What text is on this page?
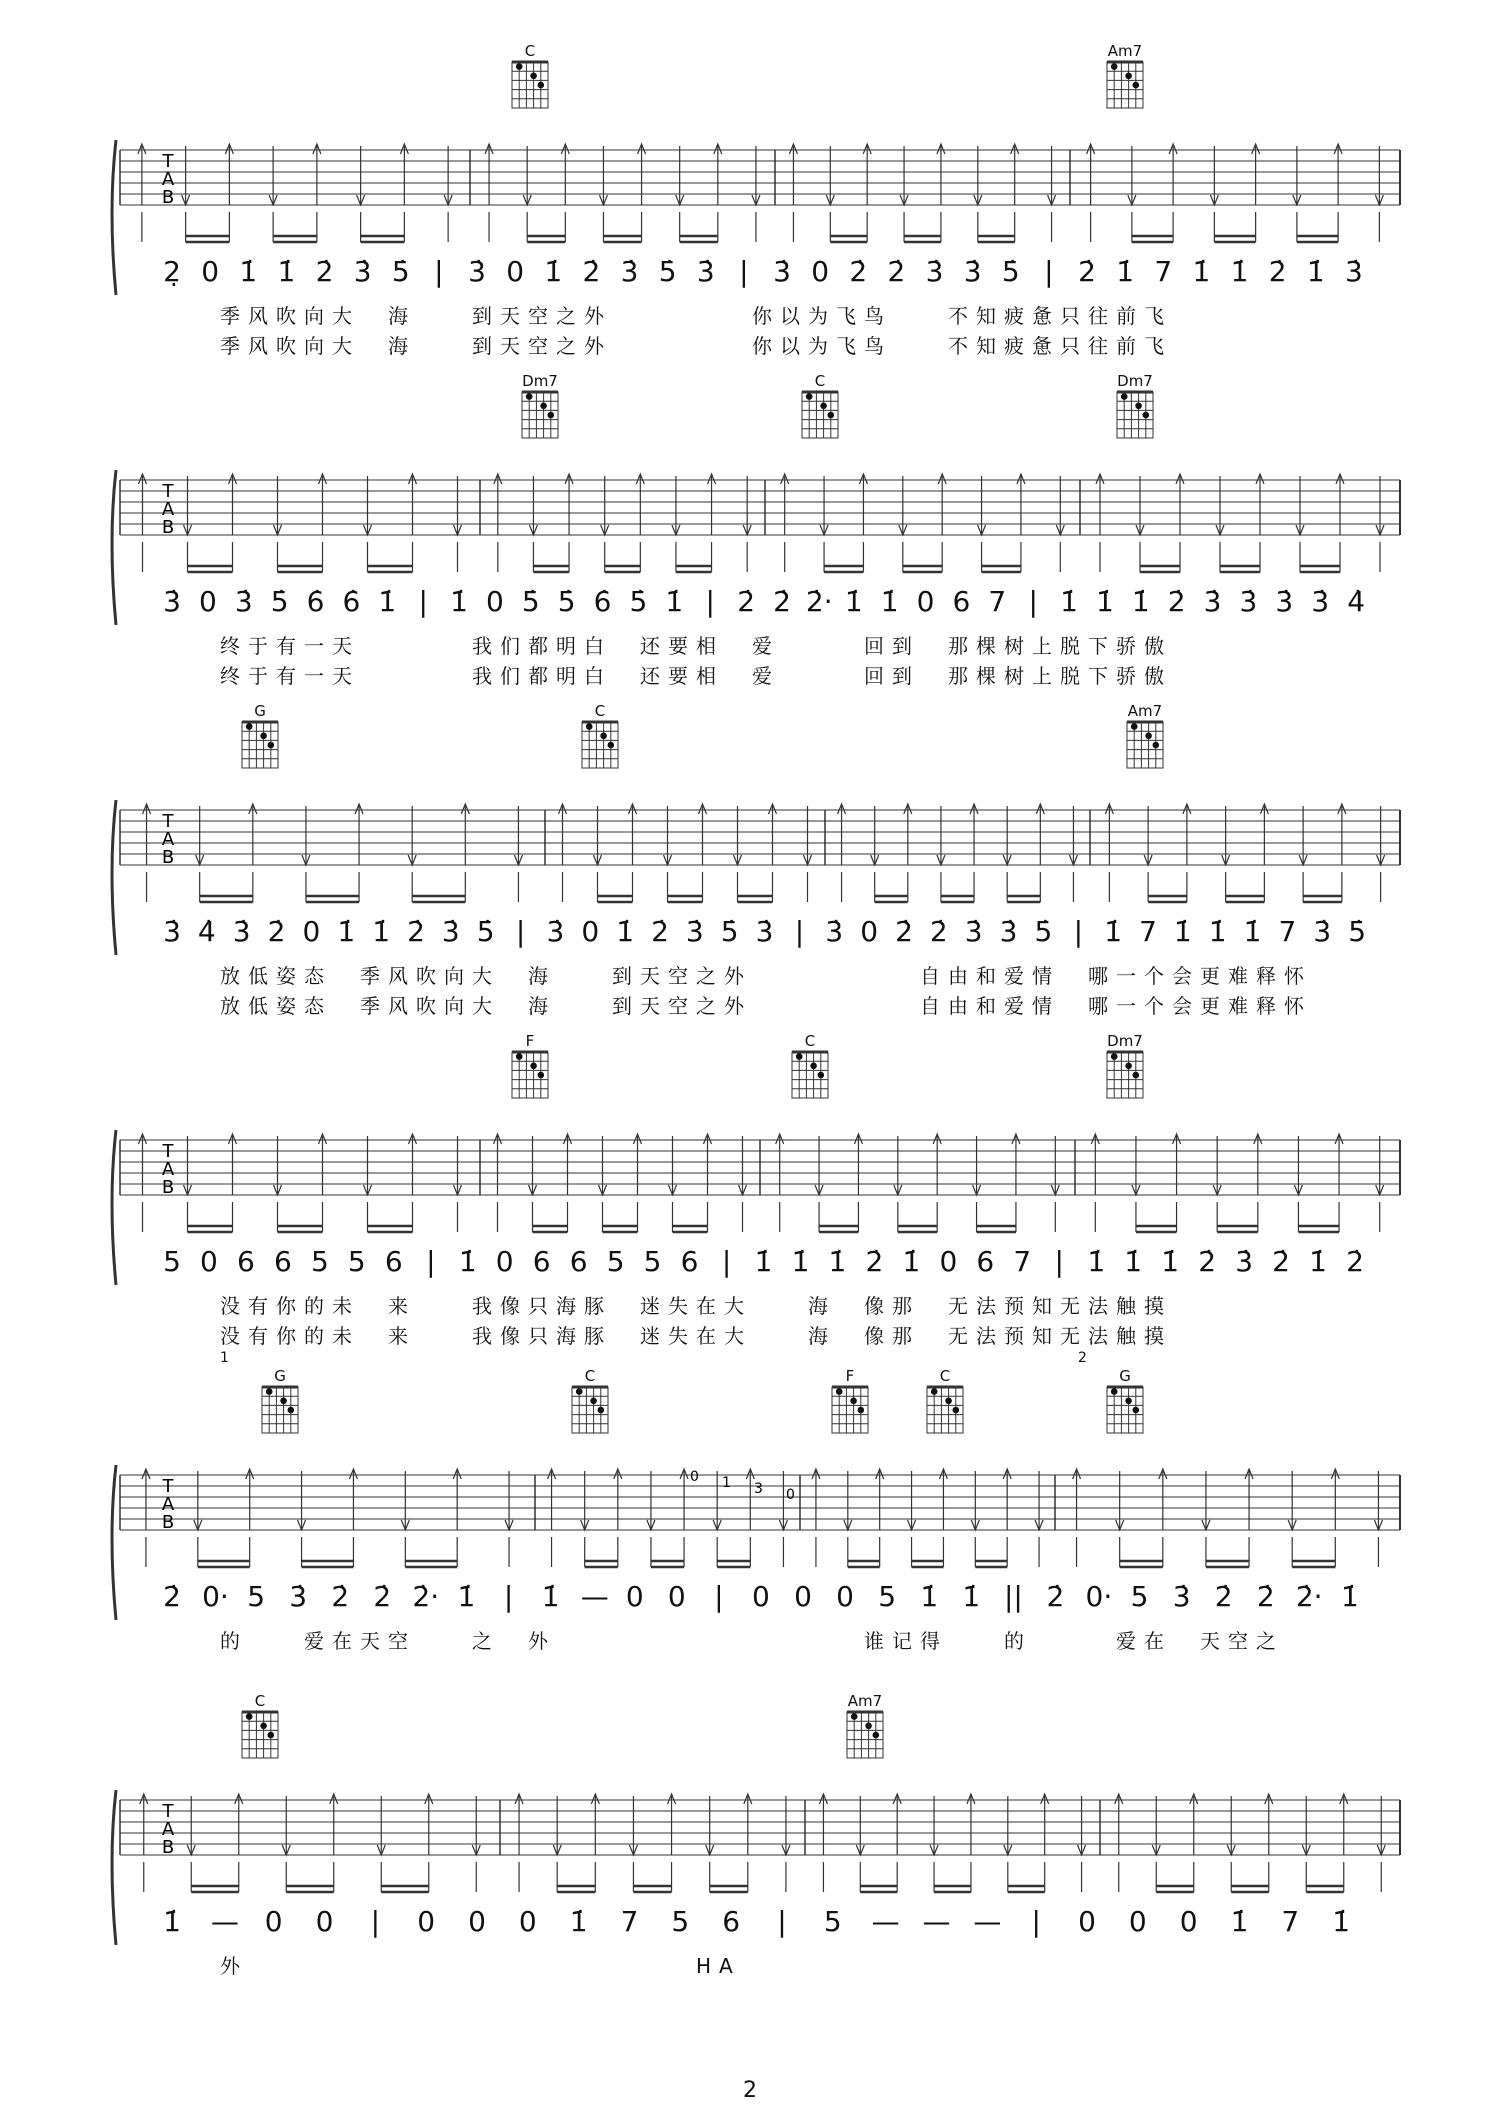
T
A
B
T
A
B
T
A
B
T
A
B
T
A
B
0 1 3 0
T
A
B
C	Am7
2̣ 0 1̇ 1̇ 2̇ 3̇ 5̇ | 3̇ 0 1̇ 2̇ 3̇ 5̇ 3̇ | 3̇ 0 2̇ 2̇ 3̇ 3̇ 5̇ | 2̇ 1̇ 7 1̇ 1̇ 2̇ 1̇ 3̇
季风吹向大　海　　到天空之外　　　　　你以为飞鸟　　不知疲惫只往前飞
季风吹向大　海　　到天空之外　　　　　你以为飞鸟　　不知疲惫只往前飞
Dm7	C	Dm7
3̇ 0 3̇ 5̇ 6̇ 6̇ 1̇ | 1̇ 0 5̇ 5̇ 6̇ 5̇ 1̇ | 2̇ 2̇ 2̇· 1̇ 1̇ 0 6 7 | 1̇ 1̇ 1̇ 2̇ 3̇ 3̇ 3̇ 3̇ 4̇
终于有一天　　　　我们都明白　还要相　爱　　　回到　那棵树上脱下骄傲
终于有一天　　　　我们都明白　还要相　爱　　　回到　那棵树上脱下骄傲
G	C	Am7
3̇ 4̇ 3̇ 2̇ 0 1̇ 1̇ 2̇ 3̇ 5̇ | 3̇ 0 1̇ 2̇ 3̇ 5̇ 3̇ | 3̇ 0 2̇ 2̇ 3̇ 3̇ 5̇ | 1̇ 7 1̇ 1̇ 1̇ 7 3̇ 5̇
放低姿态　季风吹向大　海　　到天空之外　　　　　　自由和爱情　哪一个会更难释怀
放低姿态　季风吹向大　海　　到天空之外　　　　　　自由和爱情　哪一个会更难释怀
F	C	Dm7
5 0 6 6 5 5 6 | 1̇ 0 6 6 5 5 6 | 1̇ 1̇ 1̇ 2̇ 1̇ 0 6 7 | 1̇ 1̇ 1̇ 2̇ 3̇ 2̇ 1̇ 2̇
没有你的未　来　　我像只海豚　迷失在大　　海　像那　无法预知无法触摸
没有你的未　来　　我像只海豚　迷失在大　　海　像那　无法预知无法触摸
1	2
G	C	F	C	G
2̇ 0· 5 3̇ 2̇ 2̇ 2̇· 1̇ | 1̇ — 0 0 | 0 0 0 5 1̇ 1̇ || 2̇ 0· 5 3̇ 2̇ 2̇ 2̇· 1̇
的　　爱在天空　　之　外　　　　　　　　　　　谁记得　　的　　　爱在　天空之
C	Am7
1̇ — 0 0 | 0 0 0 1̇ 7 5 6 | 5 — — — | 0 0 0 1̇ 7 1̇
外　　　　　　　　　　　　　　　　HA
2
